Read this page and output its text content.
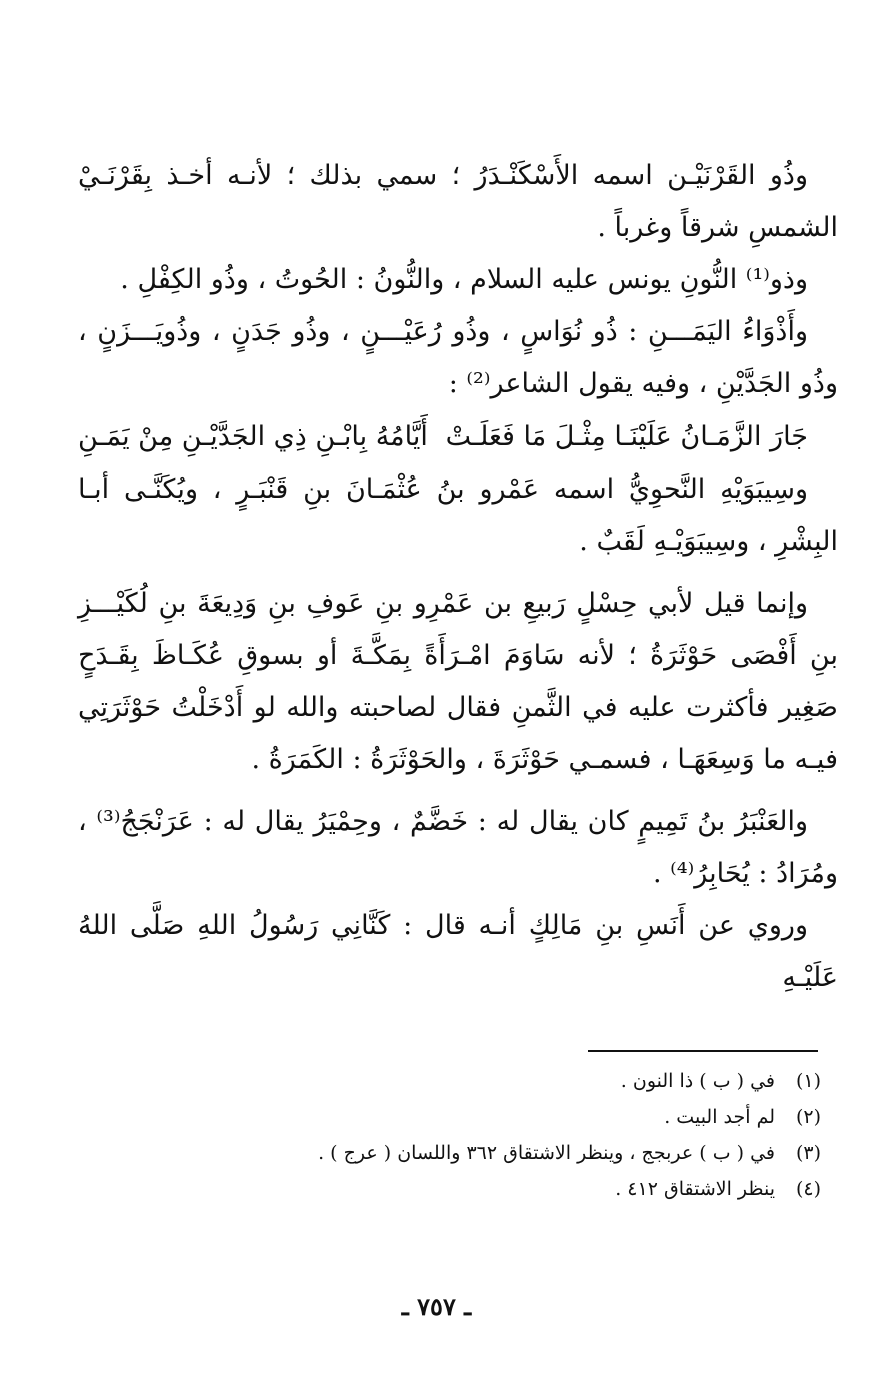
وذُو القَرْنَيْـن اسمه الأَسْكَنْـدَرُ ؛ سمي بذلك ؛ لأنـه أخـذ بِقَرْنَـيْ الشمسِ شرقاً وغرباً .

وذو⁽¹⁾ النُّونِ يونس عليه السلام ، والنُّونُ : الحُوتُ ، وذُو الكِفْلِ .

وأَذْوَاءُ اليَمَـــنِ : ذُو نُوَاسٍ ، وذُو رُعَيْـــنٍ ، وذُو جَدَنٍ ، وذُويَـــزَنٍ ، وذُو الجَدَّيْنِ ، وفيه يقول الشاعر⁽²⁾ :

جَارَ الزَّمَـانُ عَلَيْنَـا مِثْـلَ مَا فَعَلَـتْ
أَيَّامُهُ بِابْـنِ ذِي الجَدَّيْـنِ مِنْ يَمَـنِ

وسِيبَوَيْهِ النَّحوِيُّ اسمه عَمْرو بنُ عُثْمَـانَ بنِ قَنْبَـرٍ ، ويُكَنَّـى أبـا البِشْرِ ، وسِيبَوَيْـهِ لَقَبٌ .

وإنما قيل لأبي حِسْلٍ رَبيعِ بن عَمْرِو بنِ عَوفِ بنِ وَدِيعَةَ بنِ لُكَيْـــزِ بنِ أَفْصَى حَوْثَرَةُ ؛ لأنه سَاوَمَ امْـرَأَةً بِمَكَّـةَ أو بسوقِ عُكَـاظَ بِقَـدَحٍ صَغِير فأكثرت عليه في الثَّمنِ فقال لصاحبته والله لو أَدْخَلْتُ حَوْثَرَتِي فيـه ما وَسِعَهَـا ، فسمـي حَوْثَرَةَ ، والحَوْثَرَةُ : الكَمَرَةُ .

والعَنْبَرُ بنُ تَمِيمٍ كان يقال له : خَضَّمٌ ، وحِمْيَرُ يقال له : عَرَنْجَجُ⁽³⁾ ، ومُرَادُ : يُحَابِرُ⁽⁴⁾ .

وروي عن أَنَسِ بنِ مَالِكٍ أنـه قال : كَنَّانِي رَسُولُ اللهِ صَلَّى اللهُ عَلَيْـهِ

(١)
في ( ب ) ذا النون .
(٢)
لم أجد البيت .
(٣)
في ( ب ) عربجج ، وينظر الاشتقاق ٣٦٢ واللسان ( عرج ) .
(٤)
ينظر الاشتقاق ٤١٢ .
ـ ٧٥٧ ـ
